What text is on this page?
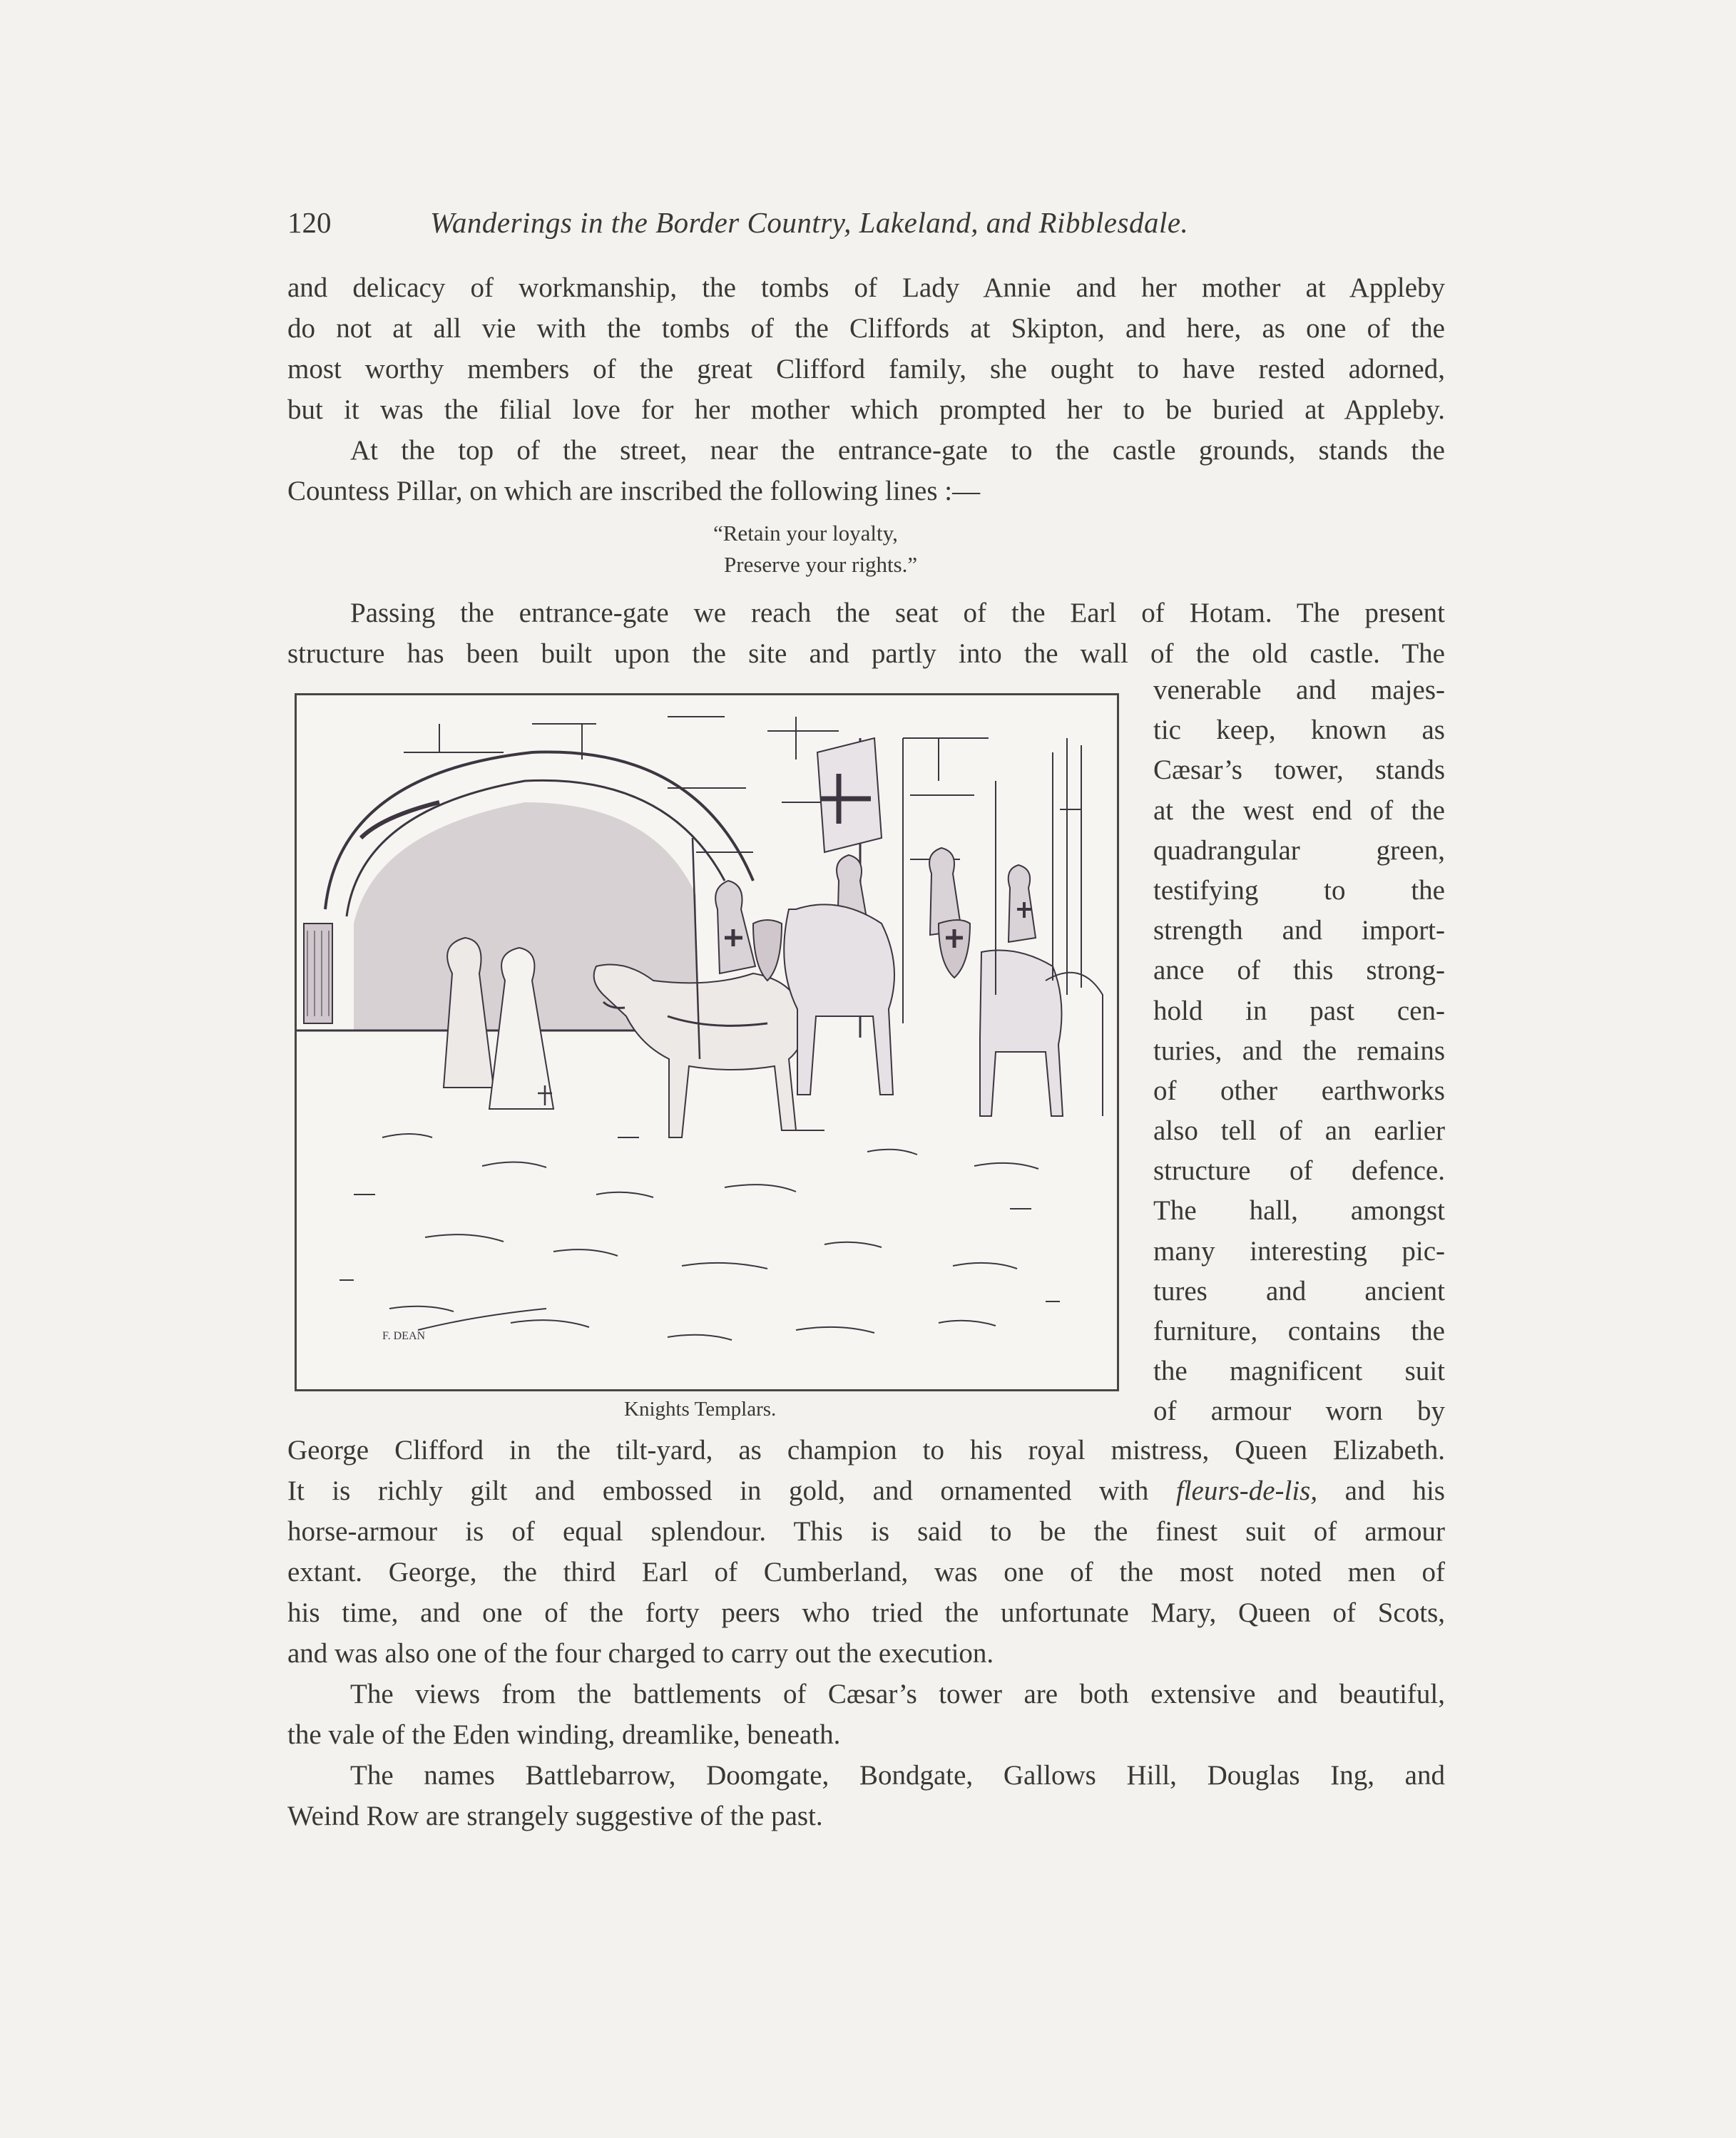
120	Wanderings in the Border Country, Lakeland, and Ribblesdale.
and delicacy of workmanship, the tombs of Lady Annie and her mother at Appleby
do not at all vie with the tombs of the Cliffords at Skipton, and here, as one of the
most worthy members of the great Clifford family, she ought to have rested adorned,
but it was the filial love for her mother which prompted her to be buried at Appleby.
At the top of the street, near the entrance-gate to the castle grounds, stands the
Countess Pillar, on which are inscribed the following lines :—
“Retain your loyalty,
Preserve your rights.”
Passing the entrance-gate we reach the seat of the Earl of Hotam. The present
structure has been built upon the site and partly into the wall of the old castle. The
F. DEAN
Knights Templars.
venerable and majes-
tic keep, known as
Cæsar’s tower, stands
at the west end of the
quadrangular green,
testifying to the
strength and import-
ance of this strong-
hold in past cen-
turies, and the remains
of other earthworks
also tell of an earlier
structure of defence.
The hall, amongst
many interesting pic-
tures and ancient
furniture, contains the
the magnificent suit
of armour worn by
George Clifford in the tilt-yard, as champion to his royal mistress, Queen Elizabeth.
It is richly gilt and embossed in gold, and ornamented with fleurs-de-lis, and his
horse-armour is of equal splendour. This is said to be the finest suit of armour
extant. George, the third Earl of Cumberland, was one of the most noted men of
his time, and one of the forty peers who tried the unfortunate Mary, Queen of Scots,
and was also one of the four charged to carry out the execution.
The views from the battlements of Cæsar’s tower are both extensive and beautiful,
the vale of the Eden winding, dreamlike, beneath.
The names Battlebarrow, Doomgate, Bondgate, Gallows Hill, Douglas Ing, and
Weind Row are strangely suggestive of the past.
